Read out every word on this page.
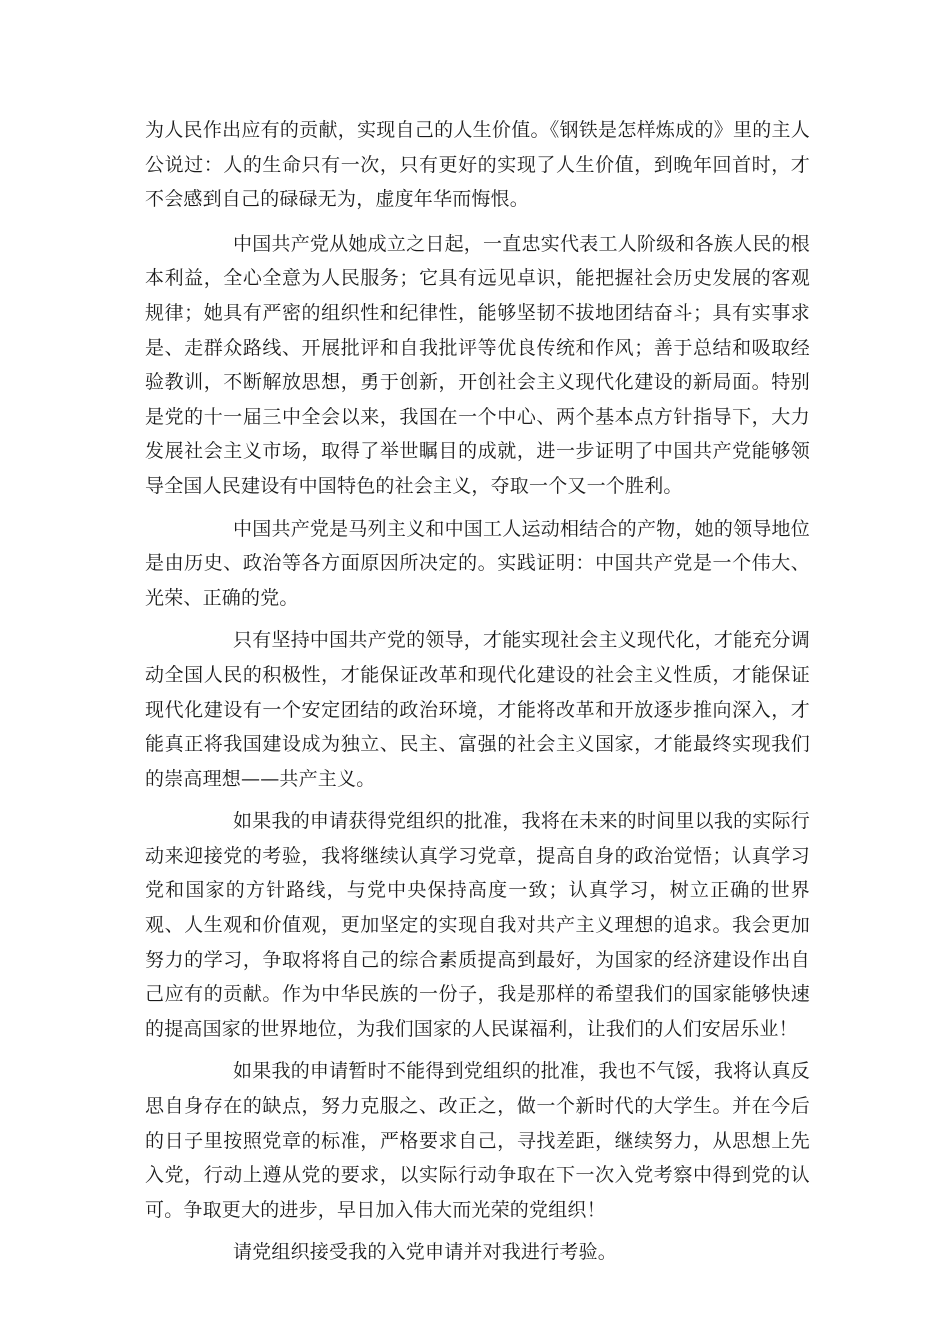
为人民作出应有的贡献，实现自己的人生价值。《钢铁是怎样炼成的》里的主人公说过：人的生命只有一次，只有更好的实现了人生价值，到晚年回首时，才不会感到自己的碌碌无为，虚度年华而悔恨。

中国共产党从她成立之日起，一直忠实代表工人阶级和各族人民的根本利益，全心全意为人民服务；它具有远见卓识，能把握社会历史发展的客观规律；她具有严密的组织性和纪律性，能够坚韧不拔地团结奋斗；具有实事求是、走群众路线、开展批评和自我批评等优良传统和作风；善于总结和吸取经验教训，不断解放思想，勇于创新，开创社会主义现代化建设的新局面。特别是党的十一届三中全会以来，我国在一个中心、两个基本点方针指导下，大力发展社会主义市场，取得了举世瞩目的成就，进一步证明了中国共产党能够领导全国人民建设有中国特色的社会主义，夺取一个又一个胜利。

中国共产党是马列主义和中国工人运动相结合的产物，她的领导地位是由历史、政治等各方面原因所决定的。实践证明：中国共产党是一个伟大、光荣、正确的党。

只有坚持中国共产党的领导，才能实现社会主义现代化，才能充分调动全国人民的积极性，才能保证改革和现代化建设的社会主义性质，才能保证现代化建设有一个安定团结的政治环境，才能将改革和开放逐步推向深入，才能真正将我国建设成为独立、民主、富强的社会主义国家，才能最终实现我们的崇高理想——共产主义。

如果我的申请获得党组织的批准，我将在未来的时间里以我的实际行动来迎接党的考验，我将继续认真学习党章，提高自身的政治觉悟；认真学习党和国家的方针路线，与党中央保持高度一致；认真学习，树立正确的世界观、人生观和价值观，更加坚定的实现自我对共产主义理想的追求。我会更加努力的学习，争取将将自己的综合素质提高到最好，为国家的经济建设作出自己应有的贡献。作为中华民族的一份子，我是那样的希望我们的国家能够快速的提高国家的世界地位，为我们国家的人民谋福利，让我们的人们安居乐业！

如果我的申请暂时不能得到党组织的批准，我也不气馁，我将认真反思自身存在的缺点，努力克服之、改正之，做一个新时代的大学生。并在今后的日子里按照党章的标准，严格要求自己，寻找差距，继续努力，从思想上先入党，行动上遵从党的要求，以实际行动争取在下一次入党考察中得到党的认可。争取更大的进步，早日加入伟大而光荣的党组织！

请党组织接受我的入党申请并对我进行考验。
